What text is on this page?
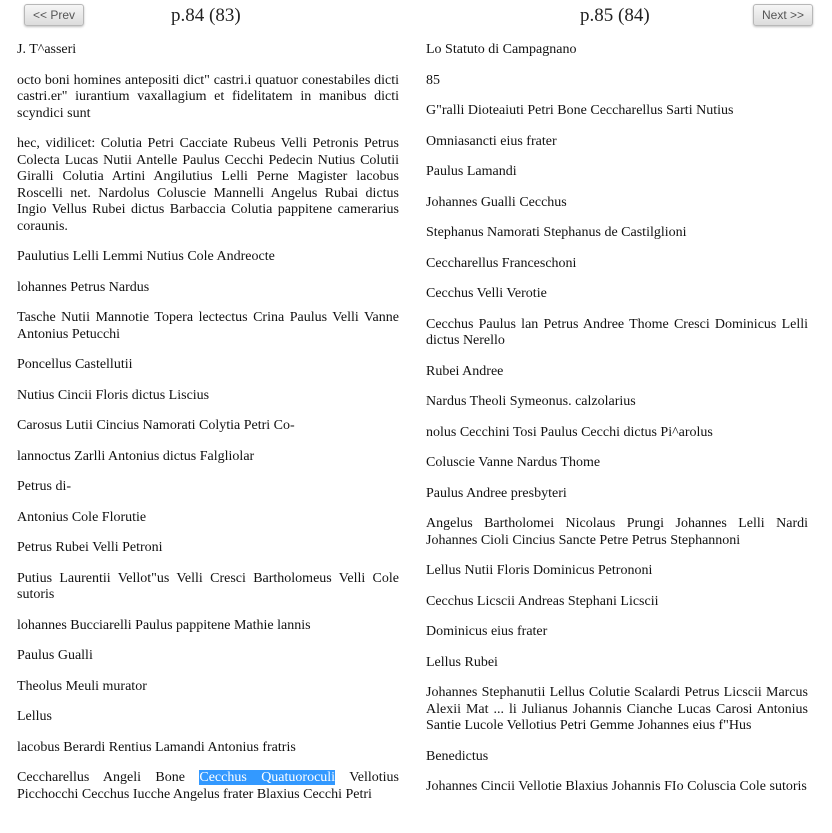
<< Prev	p.84 (83)	p.85 (84)	Next >>

J. T^asseri

octo boni homines antepositi dict" castri.i quatuor conestabiles dicti castri.er" iurantium vaxallagium et fidelitatem in manibus dicti scyndici sunt

hec, vidilicet: Colutia Petri Cacciate Rubeus Velli Petronis Petrus Colecta Lucas Nutii Antelle Paulus Cecchi Pedecin Nutius Colutii Giralli Colutia Artini Angilutius Lelli Perne Magister lacobus Roscelli net. Nardolus Coluscie Mannelli Angelus Rubai dictus Ingio Vellus Rubei dictus Barbaccia Colutia pappitene camerarius coraunis.

Paulutius Lelli Lemmi Nutius Cole Andreocte

lohannes Petrus Nardus

Tasche Nutii Mannotie Topera lectectus Crina Paulus Velli Vanne Antonius Petucchi

Poncellus Castellutii

Nutius Cincii Floris dictus Liscius

Carosus Lutii Cincius Namorati Colytia Petri Co-

lannoctus Zarlli Antonius dictus Falgliolar

Petrus di-

Antonius Cole Florutie

Petrus Rubei Velli Petroni

Putius Laurentii Vellot"us Velli Cresci Bartholomeus Velli Cole sutoris

lohannes Bucciarelli Paulus pappitene Mathie lannis

Paulus Gualli

Theolus Meuli murator

Lellus

lacobus Berardi Rentius Lamandi Antonius fratris

Ceccharellus Angeli Bone Cecchus Quatuoroculi Vellotius Picchocchi Cecchus Iucche Angelus frater Blaxius Cecchi Petri

Lo Statuto di Campagnano

85

G"ralli Dioteaiuti Petri Bone Ceccharellus Sarti Nutius

Omniasancti eius frater

Paulus Lamandi

Johannes Gualli Cecchus

Stephanus Namorati Stephanus de Castilglioni

Ceccharellus Franceschoni

Cecchus Velli Verotie

Cecchus Paulus lan Petrus Andree Thome Cresci Dominicus Lelli dictus Nerello

Rubei Andree

Nardus Theoli Symeonus. calzolarius

nolus Cecchini Tosi Paulus Cecchi dictus Pi^arolus

Coluscie Vanne Nardus Thome

Paulus Andree presbyteri

Angelus Bartholomei Nicolaus Prungi Johannes Lelli Nardi Johannes Cioli Cincius Sancte Petre Petrus Stephannoni

Lellus Nutii Floris Dominicus Petrononi

Cecchus Licscii Andreas Stephani Licscii

Dominicus eius frater

Lellus Rubei

Johannes Stephanutii Lellus Colutie Scalardi Petrus Licscii Marcus Alexii Mat ... li Julianus Johannis Cianche Lucas Carosi Antonius Santie Lucole Vellotius Petri Gemme Johannes eius f"Hus

Benedictus

Johannes Cincii Vellotie Blaxius Johannis FIo Coluscia Cole sutoris
